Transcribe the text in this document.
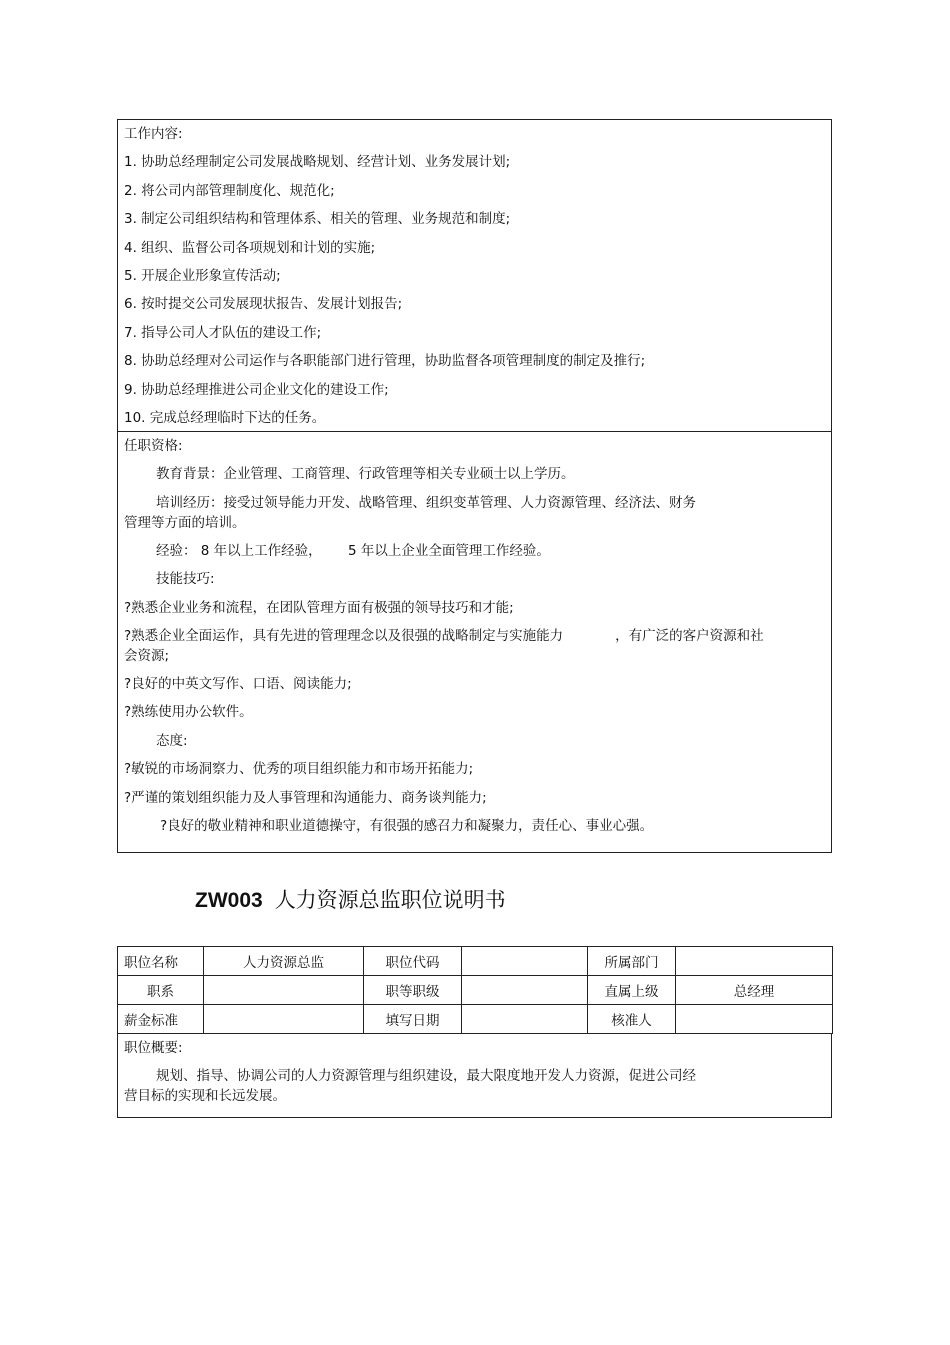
工作内容:
1. 协助总经理制定公司发展战略规划、经营计划、业务发展计划;
2. 将公司内部管理制度化、规范化;
3. 制定公司组织结构和管理体系、相关的管理、业务规范和制度;
4. 组织、监督公司各项规划和计划的实施;
5. 开展企业形象宣传活动;
6. 按时提交公司发展现状报告、发展计划报告;
7. 指导公司人才队伍的建设工作;
8. 协助总经理对公司运作与各职能部门进行管理，协助监督各项管理制度的制定及推行;
9. 协助总经理推进公司企业文化的建设工作;
10. 完成总经理临时下达的任务。
任职资格:
教育背景：企业管理、工商管理、行政管理等相关专业硕士以上学历。
培训经历：接受过领导能力开发、战略管理、组织变革管理、人力资源管理、经济法、财务
管理等方面的培训。
经验： 8 年以上工作经验， 5 年以上企业全面管理工作经验。
技能技巧:
?熟悉企业业务和流程，在团队管理方面有极强的领导技巧和才能;
?熟悉企业全面运作，具有先进的管理理念以及很强的战略制定与实施能力	，有广泛的客户资源和社
会资源;
?良好的中英文写作、口语、阅读能力;
?熟练使用办公软件。
态度:
?敏锐的市场洞察力、优秀的项目组织能力和市场开拓能力;
?严谨的策划组织能力及人事管理和沟通能力、商务谈判能力;
?良好的敬业精神和职业道德操守，有很强的感召力和凝聚力，责任心、事业心强。
ZW003 人力资源总监职位说明书
职位名称	人力资源总监	职位代码		所属部门	
职系		职等职级		直属上级	总经理
薪金标准		填写日期		核准人	
职位概要:
规划、指导、协调公司的人力资源管理与组织建设，最大限度地开发人力资源，促进公司经
营目标的实现和长远发展。
